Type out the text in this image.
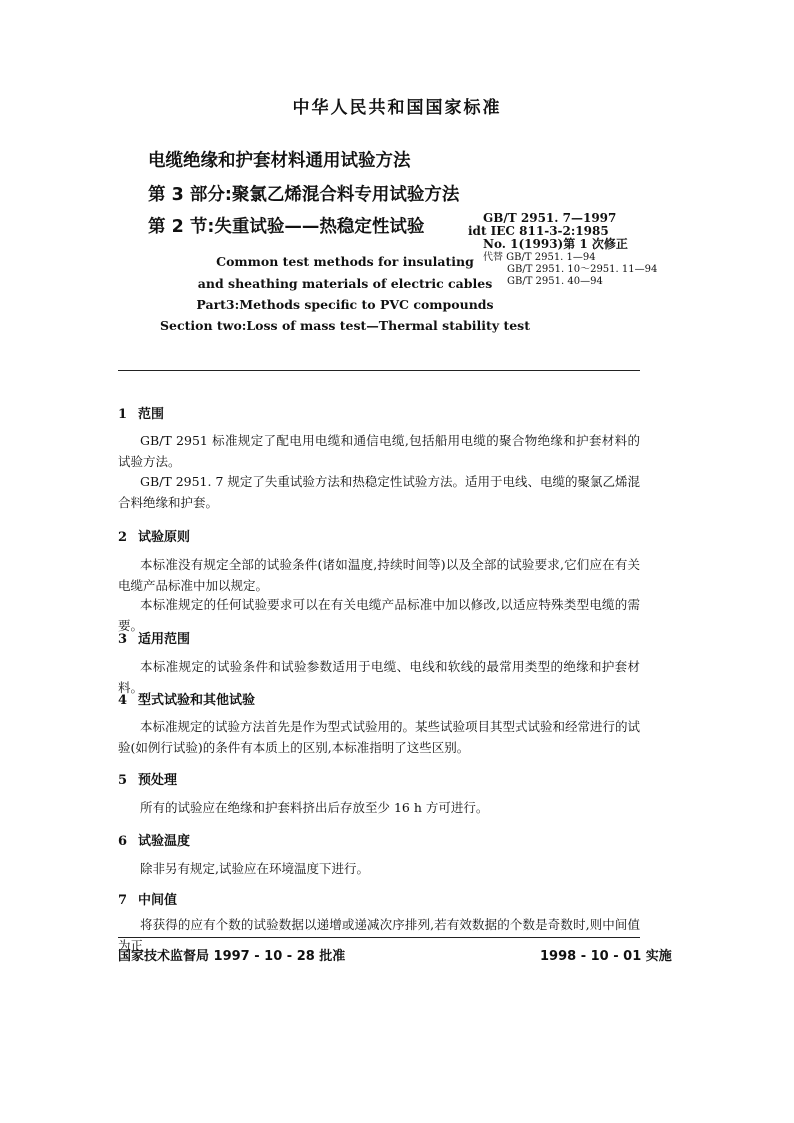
中华人民共和国国家标准
电缆绝缘和护套材料通用试验方法
第 3 部分:聚氯乙烯混合料专用试验方法
第 2 节:失重试验——热稳定性试验	GB/T 2951. 7—1997
idt IEC 811-3-2:1985
No. 1(1993)第 1 次修正
代替 GB/T 2951. 1—94
GB/T 2951. 10～2951. 11—94
GB/T 2951. 40—94
Common test methods for insulating
and sheathing materials of electric cables
Part3:Methods specific to PVC compounds
Section two:Loss of mass test—Thermal stability test
1 范围
GB/T 2951 标准规定了配电用电缆和通信电缆,包括船用电缆的聚合物绝缘和护套材料的试验方法。
GB/T 2951. 7 规定了失重试验方法和热稳定性试验方法。适用于电线、电缆的聚氯乙烯混合料绝缘和护套。
2 试验原则
本标准没有规定全部的试验条件(诸如温度,持续时间等)以及全部的试验要求,它们应在有关电缆产品标准中加以规定。
本标准规定的任何试验要求可以在有关电缆产品标准中加以修改,以适应特殊类型电缆的需要。
3 适用范围
本标准规定的试验条件和试验参数适用于电缆、电线和软线的最常用类型的绝缘和护套材料。
4 型式试验和其他试验
本标准规定的试验方法首先是作为型式试验用的。某些试验项目其型式试验和经常进行的试验(如例行试验)的条件有本质上的区别,本标准指明了这些区别。
5 预处理
所有的试验应在绝缘和护套料挤出后存放至少 16 h 方可进行。
6 试验温度
除非另有规定,试验应在环境温度下进行。
7 中间值
将获得的应有个数的试验数据以递增或递减次序排列,若有效数据的个数是奇数时,则中间值为正
国家技术监督局 1997 - 10 - 28 批准	1998 - 10 - 01 实施
